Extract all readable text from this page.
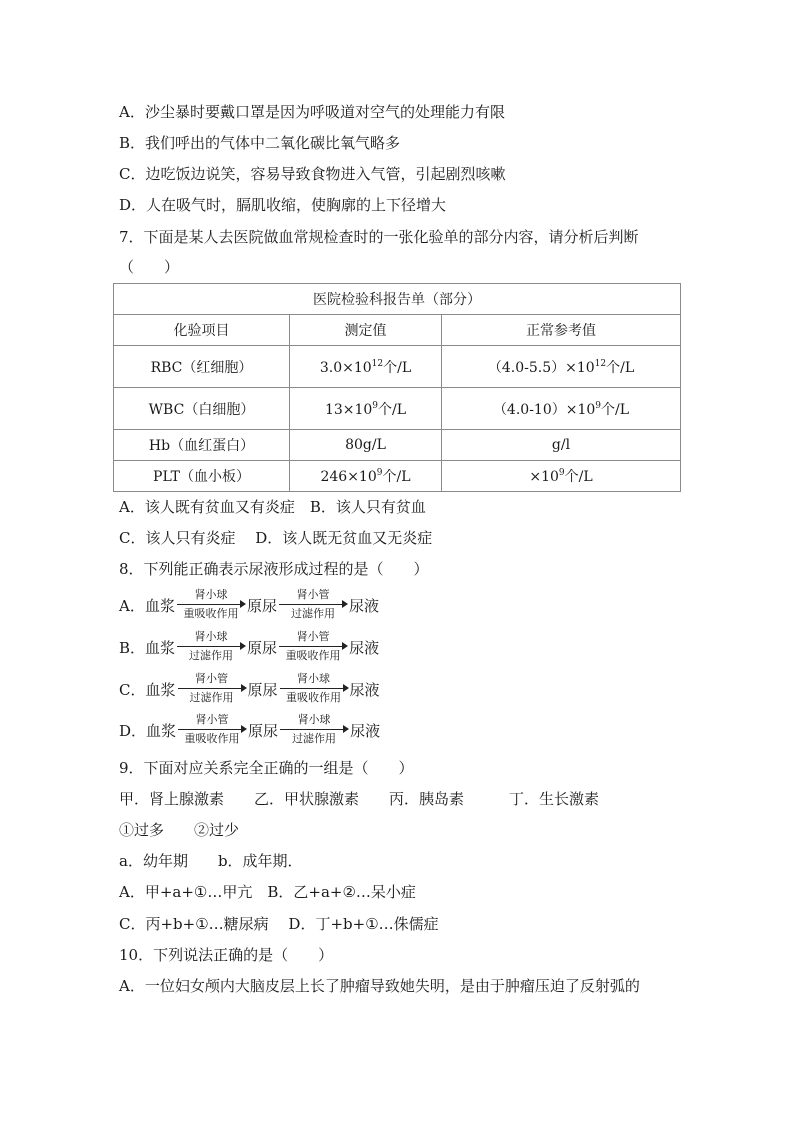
A．沙尘暴时要戴口罩是因为呼吸道对空气的处理能力有限
B．我们呼出的气体中二氧化碳比氧气略多
C．边吃饭边说笑，容易导致食物进入气管，引起剧烈咳嗽
D．人在吸气时，膈肌收缩，使胸廓的上下径增大
7．下面是某人去医院做血常规检查时的一张化验单的部分内容，请分析后判断
（　　）
医院检验科报告单（部分）		
化验项目	测定值	正常参考值
RBC（红细胞）	$3.0\times 10^{12}$个/L	$(4.0-5.5)\times 10^{12}$个/L
WBC（白细胞）	$13\times 10^9$个/L	$(4.0-10)\times 10^9$个/L
Hb（血红蛋白）	80g/L	g/l
PLT（血小板）	$246\times 10^9$个/L	$\times 10^9$个/L
A．该人既有贫血又有炎症　B．该人只有贫血
C．该人只有炎症　 D．该人既无贫血又无炎症
8．下列能正确表示尿液形成过程的是（　　）
A．血浆
肾小球
重吸收作用 原尿
肾小管
过滤作用 尿液
B．血浆
肾小球
过滤作用 原尿
肾小管
重吸收作用 尿液
C．血浆
肾小管
过滤作用 原尿
肾小球
重吸收作用 尿液
D．血浆
肾小管
重吸收作用 原尿
肾小球
过滤作用 尿液
9．下面对应关系完全正确的一组是（　　）
甲．肾上腺激素　　乙．甲状腺激素　　丙．胰岛素　　　丁．生长激素
①过多　　②过少
a．幼年期　　b．成年期．
A．甲+a+①…甲亢　B．乙+a+②…呆小症
C．丙+b+①…糖尿病　 D．丁+b+①…侏儒症
10．下列说法正确的是（　　）
A．一位妇女颅内大脑皮层上长了肿瘤导致她失明，是由于肿瘤压迫了反射弧的
